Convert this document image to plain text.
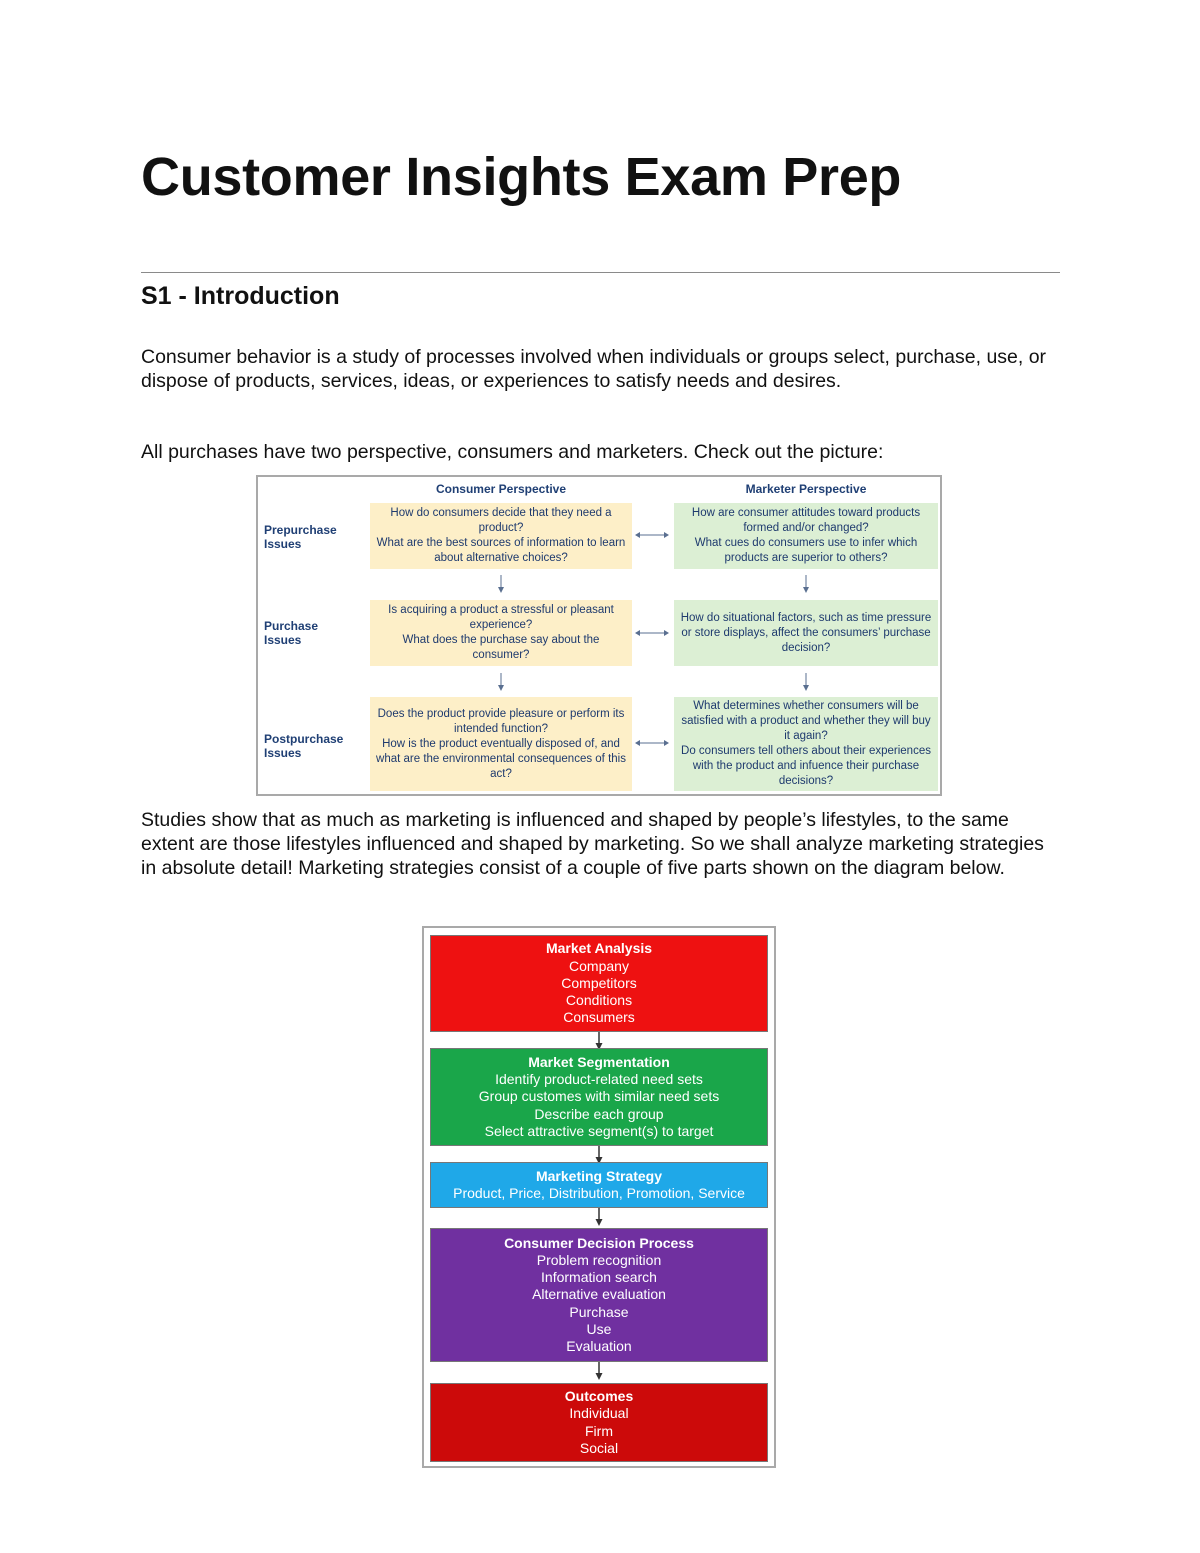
Customer Insights Exam Prep
S1 - Introduction

Consumer behavior is a study of processes involved when individuals or groups select, purchase, use, or dispose of products, services, ideas, or experiences to satisfy needs and desires.

All purchases have two perspective, consumers and marketers. Check out the picture:

Consumer Perspective	Marketer Perspective
Prepurchase Issues
How do consumers decide that they need a product?
What are the best sources of information to learn about alternative choices?
How are consumer attitudes toward products formed and/or changed?
What cues do consumers use to infer which products are superior to others?
Purchase Issues
Is acquiring a product a stressful or pleasant experience?
What does the purchase say about the consumer?
How do situational factors, such as time pressure or store displays, affect the consumers’ purchase decision?
Postpurchase Issues
Does the product provide pleasure or perform its intended function?
How is the product eventually disposed of, and what are the environmental consequences of this act?
What determines whether consumers will be satisfied with a product and whether they will buy it again?
Do consumers tell others about their experiences with the product and infuence their purchase decisions?

Studies show that as much as marketing is influenced and shaped by people’s lifestyles, to the same extent are those lifestyles influenced and shaped by marketing. So we shall analyze marketing strategies in absolute detail! Marketing strategies consist of a couple of five parts shown on the diagram below.

Market Analysis
Company
Competitors
Conditions
Consumers
Market Segmentation
Identify product-related need sets
Group customes with similar need sets
Describe each group
Select attractive segment(s) to target
Marketing Strategy
Product, Price, Distribution, Promotion, Service
Consumer Decision Process
Problem recognition
Information search
Alternative evaluation
Purchase
Use
Evaluation
Outcomes
Individual
Firm
Social
